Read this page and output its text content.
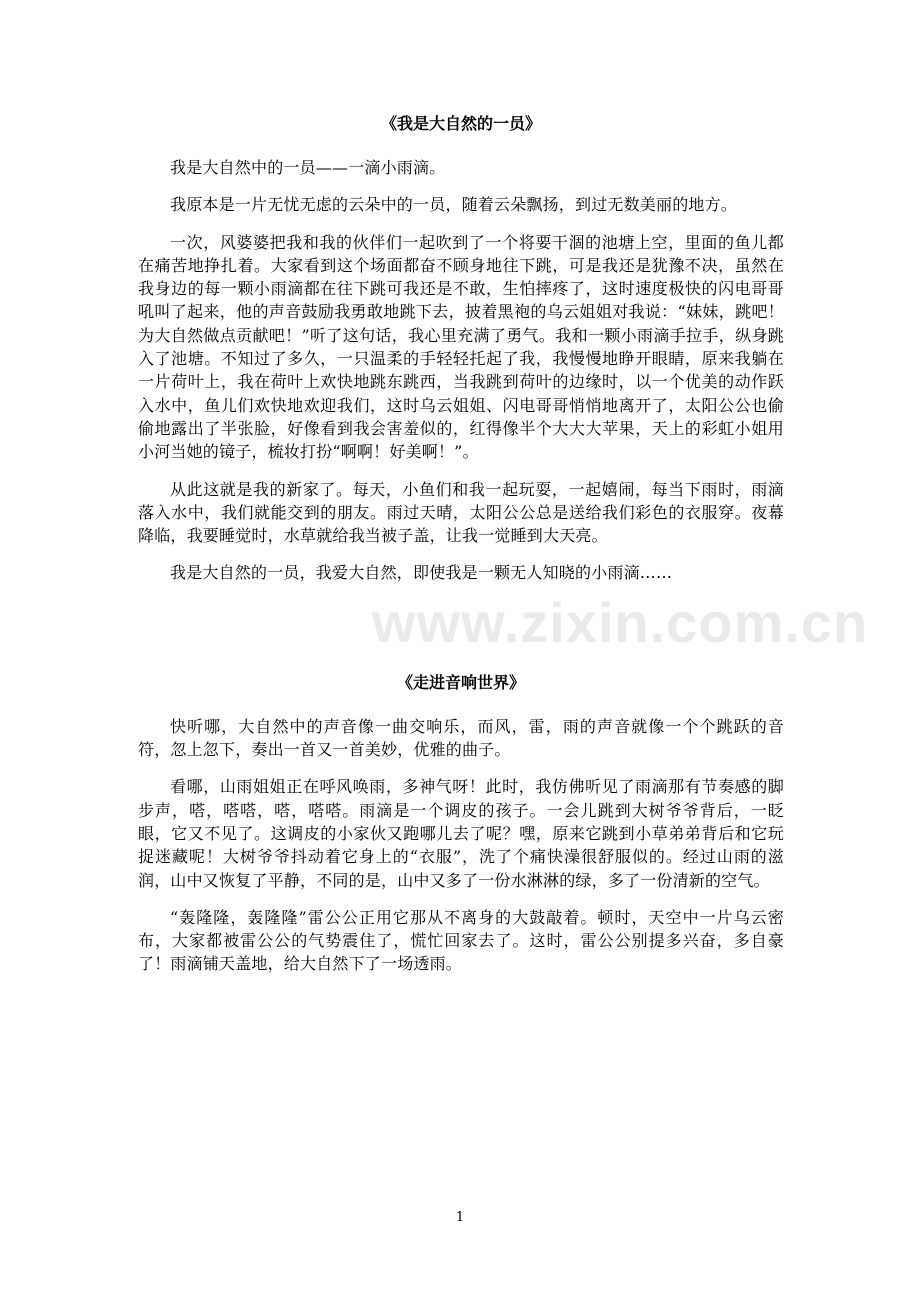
《我是大自然的一员》

我是大自然中的一员——一滴小雨滴。

我原本是一片无忧无虑的云朵中的一员，随着云朵飘扬，到过无数美丽的地方。

一次，风婆婆把我和我的伙伴们一起吹到了一个将要干涸的池塘上空，里面的鱼儿都在痛苦地挣扎着。大家看到这个场面都奋不顾身地往下跳，可是我还是犹豫不决，虽然在我身边的每一颗小雨滴都在往下跳可我还是不敢，生怕摔疼了，这时速度极快的闪电哥哥吼叫了起来，他的声音鼓励我勇敢地跳下去，披着黑袍的乌云姐姐对我说：“妹妹，跳吧！为大自然做点贡献吧！”听了这句话，我心里充满了勇气。我和一颗小雨滴手拉手，纵身跳入了池塘。不知过了多久，一只温柔的手轻轻托起了我，我慢慢地睁开眼睛，原来我躺在一片荷叶上，我在荷叶上欢快地跳东跳西，当我跳到荷叶的边缘时，以一个优美的动作跃入水中，鱼儿们欢快地欢迎我们，这时乌云姐姐、闪电哥哥悄悄地离开了，太阳公公也偷偷地露出了半张脸，好像看到我会害羞似的，红得像半个大大大苹果，天上的彩虹小姐用小河当她的镜子，梳妆打扮“啊啊！好美啊！”。

从此这就是我的新家了。每天，小鱼们和我一起玩耍，一起嬉闹，每当下雨时，雨滴落入水中，我们就能交到的朋友。雨过天晴，太阳公公总是送给我们彩色的衣服穿。夜幕降临，我要睡觉时，水草就给我当被子盖，让我一觉睡到大天亮。

我是大自然的一员，我爱大自然，即使我是一颗无人知晓的小雨滴……

《走进音响世界》

快听哪，大自然中的声音像一曲交响乐，而风，雷，雨的声音就像一个个跳跃的音符，忽上忽下，奏出一首又一首美妙，优雅的曲子。

看哪，山雨姐姐正在呼风唤雨，多神气呀！此时，我仿佛听见了雨滴那有节奏感的脚步声，嗒，嗒嗒，嗒，嗒嗒。雨滴是一个调皮的孩子。一会儿跳到大树爷爷背后，一眨眼，它又不见了。这调皮的小家伙又跑哪儿去了呢？嘿，原来它跳到小草弟弟背后和它玩捉迷藏呢！大树爷爷抖动着它身上的“衣服”，洗了个痛快澡很舒服似的。经过山雨的滋润，山中又恢复了平静，不同的是，山中又多了一份水淋淋的绿，多了一份清新的空气。

“轰隆隆，轰隆隆”雷公公正用它那从不离身的大鼓敲着。顿时，天空中一片乌云密布，大家都被雷公公的气势震住了，慌忙回家去了。这时，雷公公别提多兴奋，多自豪了！雨滴铺天盖地，给大自然下了一场透雨。

www.zixin.com.cn
1
